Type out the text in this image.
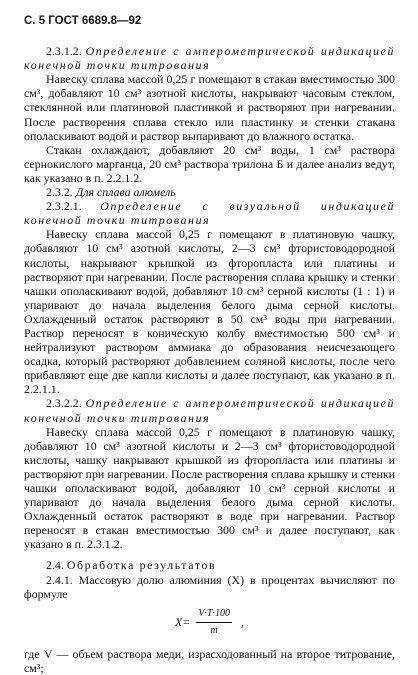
С. 5 ГОСТ 6689.8—92

2.3.1.2. Определение с амперометрической индикацией конечной точки титрования

Навеску сплава массой 0,25 г помещают в стакан вместимостью 300 см³, добавляют 10 см³ азотной кислоты, накрывают часовым стеклом, стеклянной или платиновой пластинкой и растворяют при нагревании. После растворения сплава стекло или пластинку и стенки стакана ополаскивают водой и раствор выпаривают до влажного остатка.

Стакан охлаждают, добавляют 20 см³ воды, 1 см³ раствора сернокислого марганца, 20 см³ раствора трилона Б и далее анализ ведут, как указано в п. 2.2.1.2.

2.3.2. Для сплава алюмель

2.3.2.1. Определение с визуальной индикацией конечной точки титрования

Навеску сплава массой 0,25 г помещают в платиновую чашку, добавляют 10 см³ азотной кислоты, 2—3 см³ фтористоводородной кислоты, накрывают крышкой из фторопласта или платины и растворяют при нагревании. После растворения сплава крышку и стенки чашки ополаскивают водой, добавляют 10 см³ серной кислоты (1 : 1) и упаривают до начала выделения белого дыма серной кислоты. Охлажденный остаток растворяют в 50 см³ воды при нагревании. Раствор переносят в коническую колбу вместимостью 500 см³ и нейтрализуют раствором аммиака до образования неисчезающего осадка, который растворяют добавлением соляной кислоты, после чего прибавляют еще две капли кислоты и далее поступают, как указано в п. 2.2.1.1.

2.3.2.2. Определение с амперометрической индикацией конечной точки титрования

Навеску сплава массой 0,25 г помещают в платиновую чашку, добавляют 10 см³ азотной кислоты и 2—3 см³ фтористоводородной кислоты, чашку накрывают крышкой из фторопласта или платины и растворяют при нагревании. После растворения сплава крышку и стенки чашки ополаскивают водой, добавляют 10 см³ серной кислоты и упаривают до начала выделения белого дыма серной кислоты. Охлажденный остаток растворяют в воде при нагревании. Раствор переносят в стакан вместимостью 300 см³ и далее поступают, как указано в п. 2.3.1.2.

2.4. Обработка результатов

2.4.1. Массовую долю алюминия (X) в процентах вычисляют по формуле

$X= \frac{V\cdot T\cdot 100}{m}$ ,

где V — объем раствора меди, израсходованный на второе титрование, см³;
